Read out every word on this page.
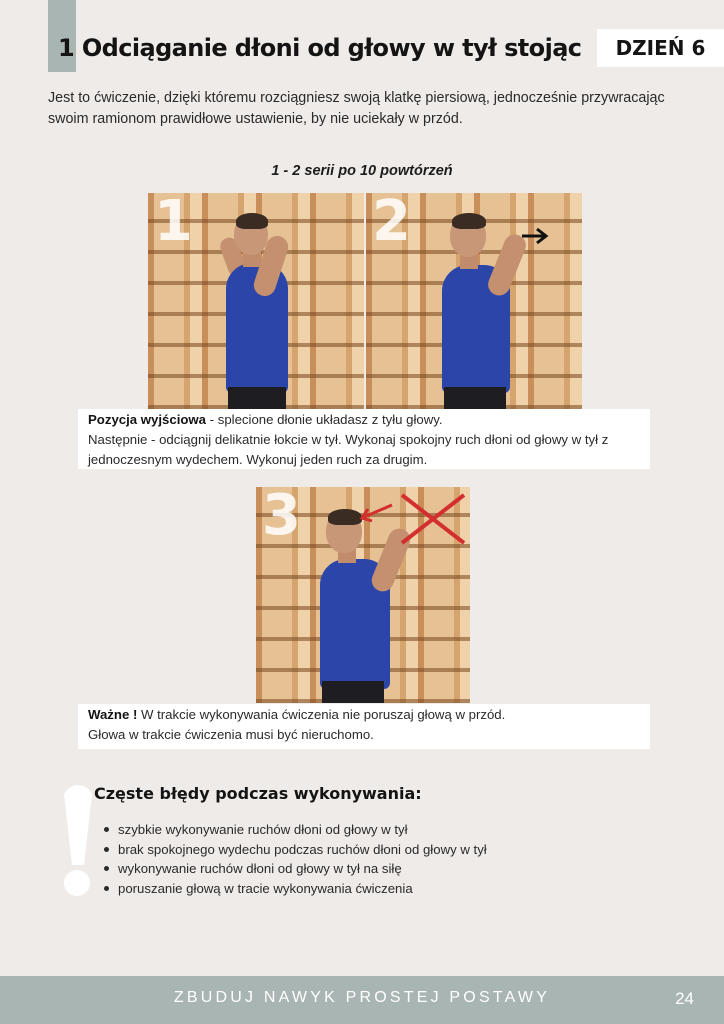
1 Odciąganie dłoni od głowy w tył stojąc	DZIEŃ 6

Jest to ćwiczenie, dzięki któremu rozciągniesz swoją klatkę piersiową, jednocześnie przywracając swoim ramionom prawidłowe ustawienie, by nie uciekały w przód.

1 - 2 serii po 10 powtórzeń
1	2
Pozycja wyjściowa - splecione dłonie układasz z tyłu głowy.
Następnie - odciągnij delikatnie łokcie w tył. Wykonaj spokojny ruch dłoni od głowy w tył z jednoczesnym wydechem. Wykonuj jeden ruch za drugim.
3
Ważne ! W trakcie wykonywania ćwiczenia nie poruszaj głową w przód.
Głowa w trakcie ćwiczenia musi być nieruchomo.
Częste błędy podczas wykonywania:
szybkie wykonywanie ruchów dłoni od głowy w tył
brak spokojnego wydechu podczas ruchów dłoni od głowy w tył
wykonywanie ruchów dłoni od głowy w tył na siłę
poruszanie głową w tracie wykonywania ćwiczenia
ZBUDUJ NAWYK PROSTEJ POSTAWY	24
